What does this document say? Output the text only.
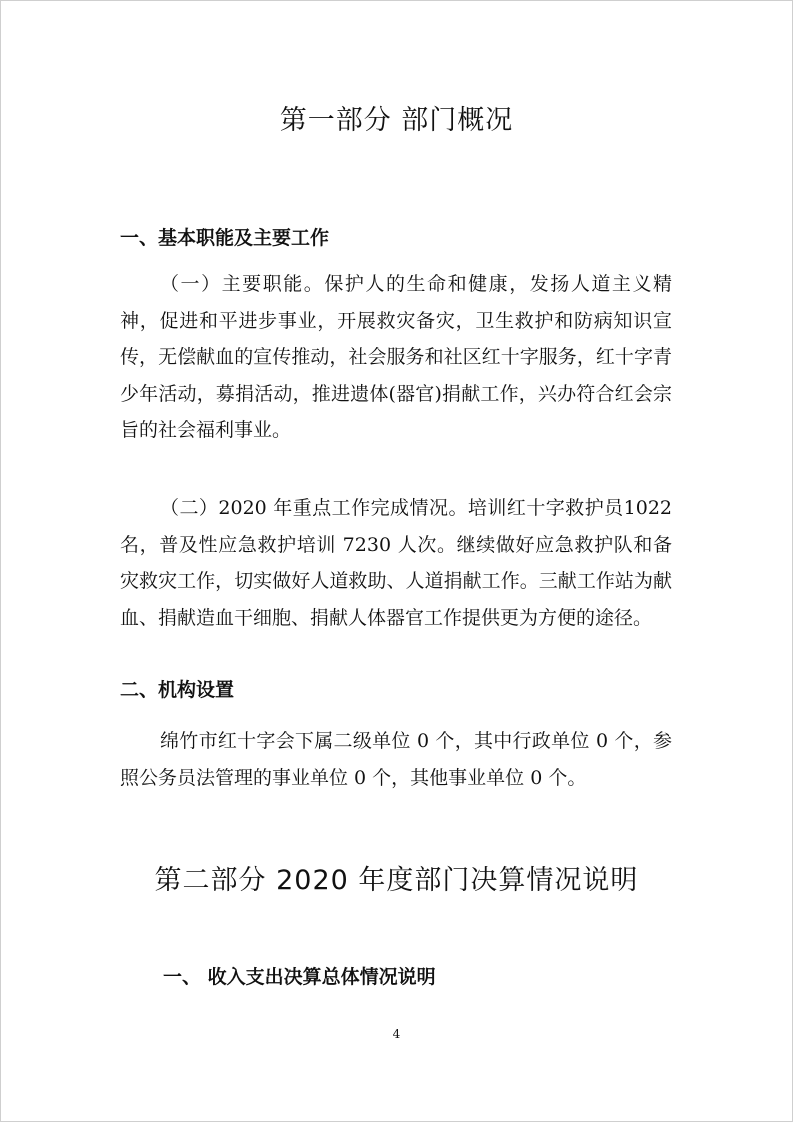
第一部分 部门概况
一、基本职能及主要工作

（一）主要职能。保护人的生命和健康，发扬人道主义精神，促进和平进步事业，开展救灾备灾，卫生救护和防病知识宣传，无偿献血的宣传推动，社会服务和社区红十字服务，红十字青少年活动，募捐活动，推进遗体(器官)捐献工作，兴办符合红会宗旨的社会福利事业。

（二）2020 年重点工作完成情况。培训红十字救护员1022 名，普及性应急救护培训 7230 人次。继续做好应急救护队和备灾救灾工作，切实做好人道救助、人道捐献工作。三献工作站为献血、捐献造血干细胞、捐献人体器官工作提供更为方便的途径。

二、机构设置

绵竹市红十字会下属二级单位 0 个，其中行政单位 0 个，参照公务员法管理的事业单位 0 个，其他事业单位 0 个。

第二部分 2020 年度部门决算情况说明
一、 收入支出决算总体情况说明
4
